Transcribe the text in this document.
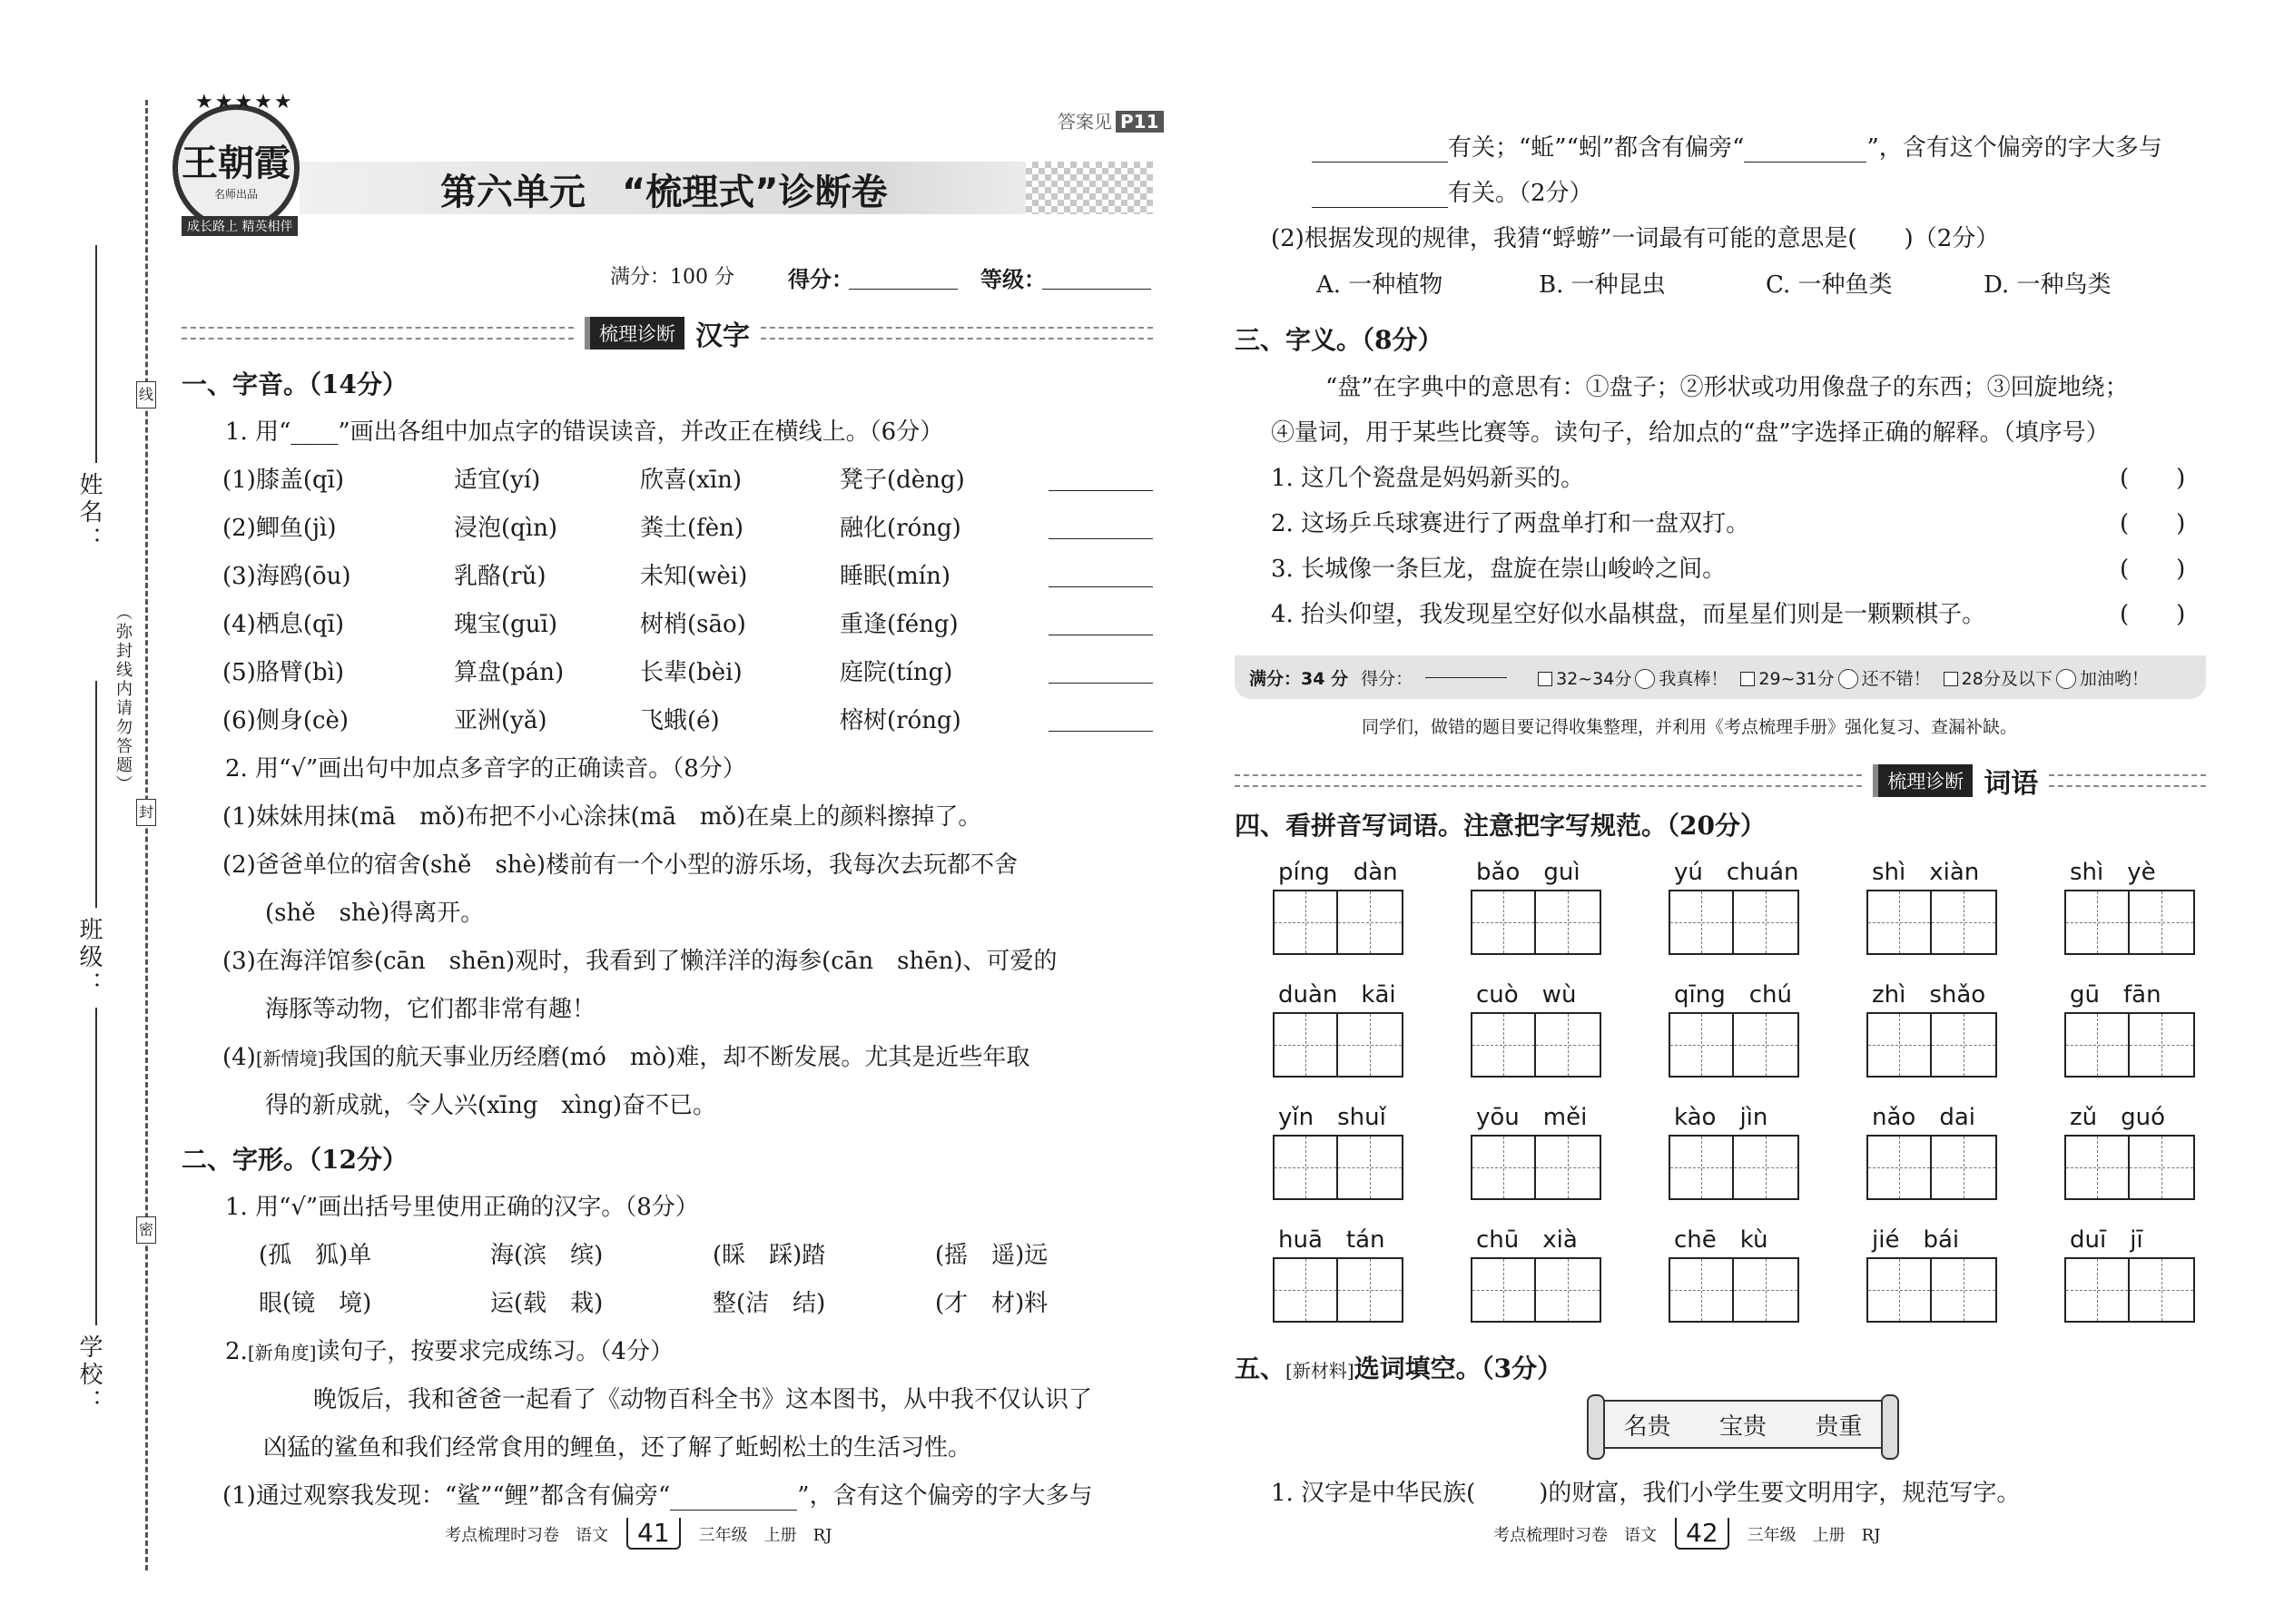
姓名：
班级：
学校：
线
封
密
（弥封线内请勿答题）
王朝霞
名师出品
成长路上 精英相伴
★★★★★
答案见 P11
第六单元　“梳理式”诊断卷
满分：100 分 得分：	等级：
梳理诊断 汉字
一、字音。（14分）
1. 用“____”画出各组中加点字的错误读音，并改正在横线上。（6分）
(1)膝盖(qī)	适宜(yí)	欣喜(xīn)	凳子(dèng)
(2)鲫鱼(jì)	浸泡(qìn)	粪土(fèn)	融化(róng)
(3)海鸥(ōu)	乳酪(rǔ)	未知(wèi)	睡眠(mín)
(4)栖息(qī)	瑰宝(guī)	树梢(sāo)	重逢(féng)
(5)胳臂(bì)	算盘(pán)	长辈(bèi)	庭院(tíng)
(6)侧身(cè)	亚洲(yǎ)	飞蛾(é)	榕树(róng)
2. 用“√”画出句中加点多音字的正确读音。（8分）
(1)妹妹用抹(mā　mǒ)布把不小心涂抹(mā　mǒ)在桌上的颜料擦掉了。
(2)爸爸单位的宿舍(shě　shè)楼前有一个小型的游乐场，我每次去玩都不舍
(shě　shè)得离开。
(3)在海洋馆参(cān　shēn)观时，我看到了懒洋洋的海参(cān　shēn)、可爱的
海豚等动物，它们都非常有趣！
(4)[新情境]我国的航天事业历经磨(mó　mò)难，却不断发展。尤其是近些年取
得的新成就，令人兴(xīng　xìng)奋不已。
二、字形。（12分）
1. 用“√”画出括号里使用正确的汉字。（8分）
(孤　狐)单	海(滨　缤)	(睬　踩)踏	(摇　遥)远
眼(镜　境)	运(载　栽)	整(洁　结)	(才　材)料
2.[新角度]读句子，按要求完成练习。（4分）
晚饭后，我和爸爸一起看了《动物百科全书》这本图书，从中我不仅认识了
凶猛的鲨鱼和我们经常食用的鲤鱼，还了解了蚯蚓松土的生活习性。
(1)通过观察我发现：“鲨”“鲤”都含有偏旁“	”，含有这个偏旁的字大多与
有关；“蚯”“蚓”都含有偏旁“	”，含有这个偏旁的字大多与
有关。（2分）
(2)根据发现的规律，我猜“蜉蝣”一词最有可能的意思是(　　)（2分）
A. 一种植物	B. 一种昆虫	C. 一种鱼类	D. 一种鸟类
三、字义。（8分）
“盘”在字典中的意思有：①盘子；②形状或功用像盘子的东西；③回旋地绕；
④量词，用于某些比赛等。读句子，给加点的“盘”字选择正确的解释。（填序号）
1. 这几个瓷盘是妈妈新买的。	(　　)
2. 这场乒乓球赛进行了两盘单打和一盘双打。	(　　)
3. 长城像一条巨龙，盘旋在崇山峻岭之间。	(　　)
4. 抬头仰望，我发现星空好似水晶棋盘，而星星们则是一颗颗棋子。	(　　)
满分：34 分 得分：	32~34分 我真棒！	29~31分 还不错！	28分及以下 加油哟！
同学们，做错的题目要记得收集整理，并利用《考点梳理手册》强化复习、查漏补缺。
梳理诊断 词语
四、看拼音写词语。注意把字写规范。（20分）
píng　dàn	bǎo　guì	yú　chuán	shì　xiàn	shì　yè
duàn　kāi	cuò　wù	qīng　chú	zhì　shǎo	gū　fān
yǐn　shuǐ	yōu　měi	kào　jìn	nǎo　dai	zǔ　guó
huā　tán	chū　xià	chē　kù	jié　bái	duī　jī
五、[新材料]选词填空。（3分）
名贵 宝贵 贵重
1. 汉字是中华民族(	)的财富，我们小学生要文明用字，规范写字。
考点梳理时习卷　语文	41	三年级　上册　RJ	考点梳理时习卷　语文	42	三年级　上册　RJ
